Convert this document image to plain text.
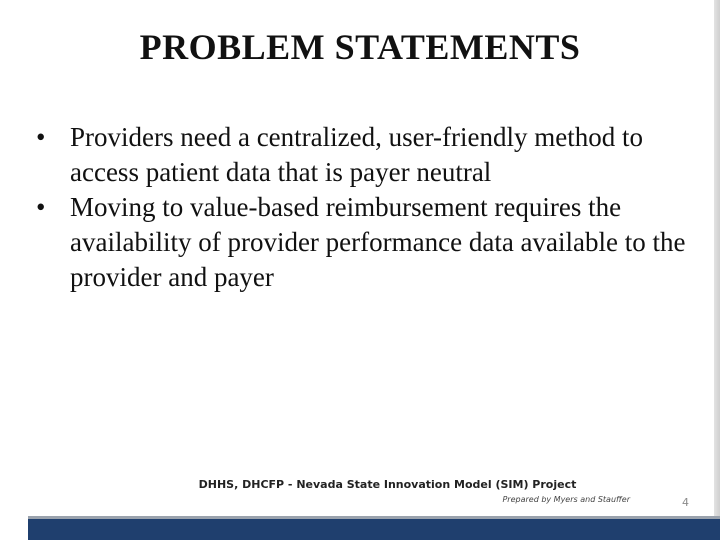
PROBLEM STATEMENTS
• Providers need a centralized, user-friendly method to access patient data that is payer neutral
• Moving to value-based reimbursement requires the availability of provider performance data available to the provider and payer
DHHS, DHCFP - Nevada State Innovation Model (SIM) Project
Prepared by Myers and Stauffer	4
